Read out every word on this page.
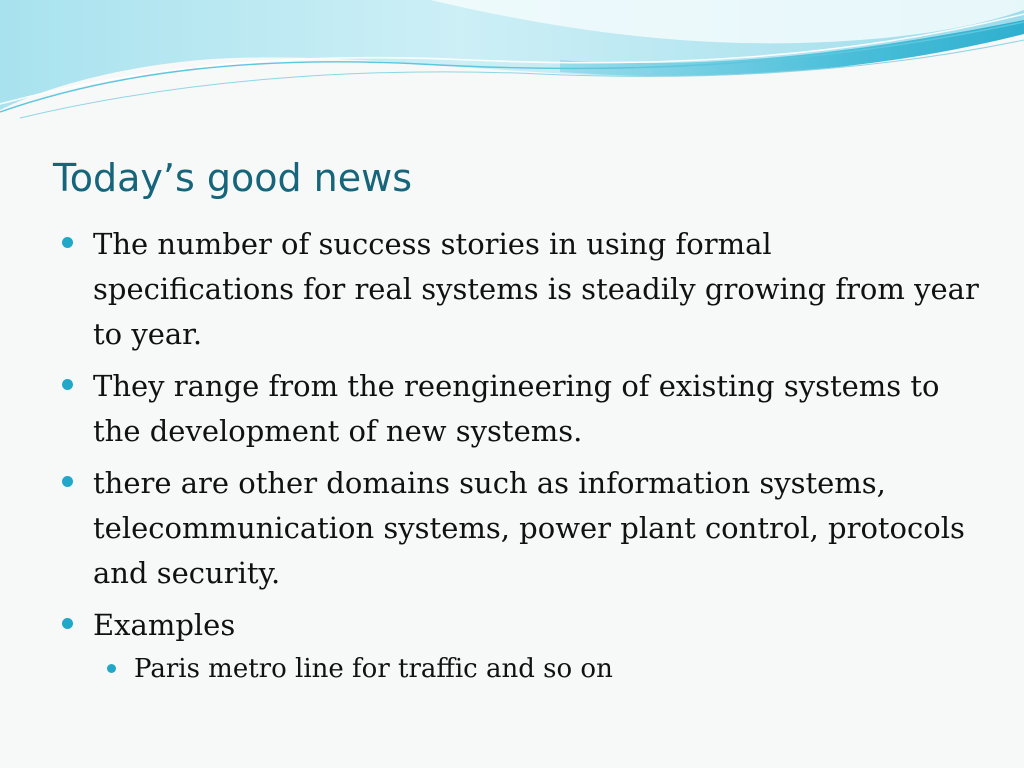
Today’s good news
The number of success stories in using formal specifications for real systems is steadily growing from year to year.
They range from the reengineering of existing systems to the development of new systems.
there are other domains such as information systems, telecommunication systems, power plant control, protocols and security.
Examples
Paris metro line for traffic and so on
